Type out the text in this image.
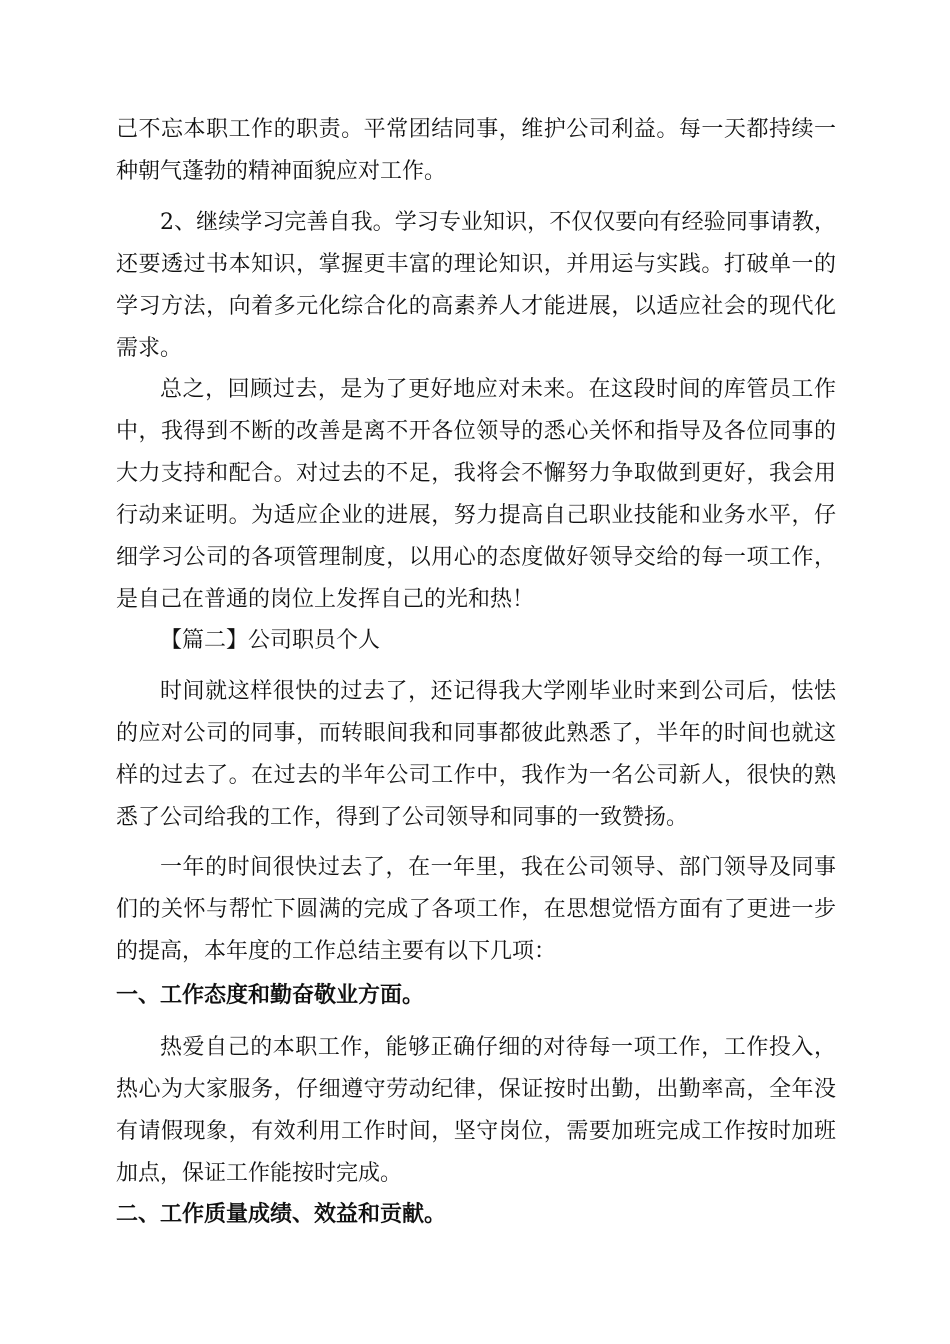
己不忘本职工作的职责。平常团结同事，维护公司利益。每一天都持续一种朝气蓬勃的精神面貌应对工作。

2、继续学习完善自我。学习专业知识，不仅仅要向有经验同事请教，还要透过书本知识，掌握更丰富的理论知识，并用运与实践。打破单一的学习方法，向着多元化综合化的高素养人才能进展，以适应社会的现代化需求。

总之，回顾过去，是为了更好地应对未来。在这段时间的库管员工作中，我得到不断的改善是离不开各位领导的悉心关怀和指导及各位同事的大力支持和配合。对过去的不足，我将会不懈努力争取做到更好，我会用行动来证明。为适应企业的进展，努力提高自己职业技能和业务水平，仔细学习公司的各项管理制度，以用心的态度做好领导交给的每一项工作，是自己在普通的岗位上发挥自己的光和热！

【篇二】公司职员个人

时间就这样很快的过去了，还记得我大学刚毕业时来到公司后，怯怯的应对公司的同事，而转眼间我和同事都彼此熟悉了，半年的时间也就这样的过去了。在过去的半年公司工作中，我作为一名公司新人，很快的熟悉了公司给我的工作，得到了公司领导和同事的一致赞扬。

一年的时间很快过去了，在一年里，我在公司领导、部门领导及同事们的关怀与帮忙下圆满的完成了各项工作，在思想觉悟方面有了更进一步的提高，本年度的工作总结主要有以下几项：

一、工作态度和勤奋敬业方面。

热爱自己的本职工作，能够正确仔细的对待每一项工作，工作投入，热心为大家服务，仔细遵守劳动纪律，保证按时出勤，出勤率高，全年没有请假现象，有效利用工作时间，坚守岗位，需要加班完成工作按时加班加点，保证工作能按时完成。

二、工作质量成绩、效益和贡献。
